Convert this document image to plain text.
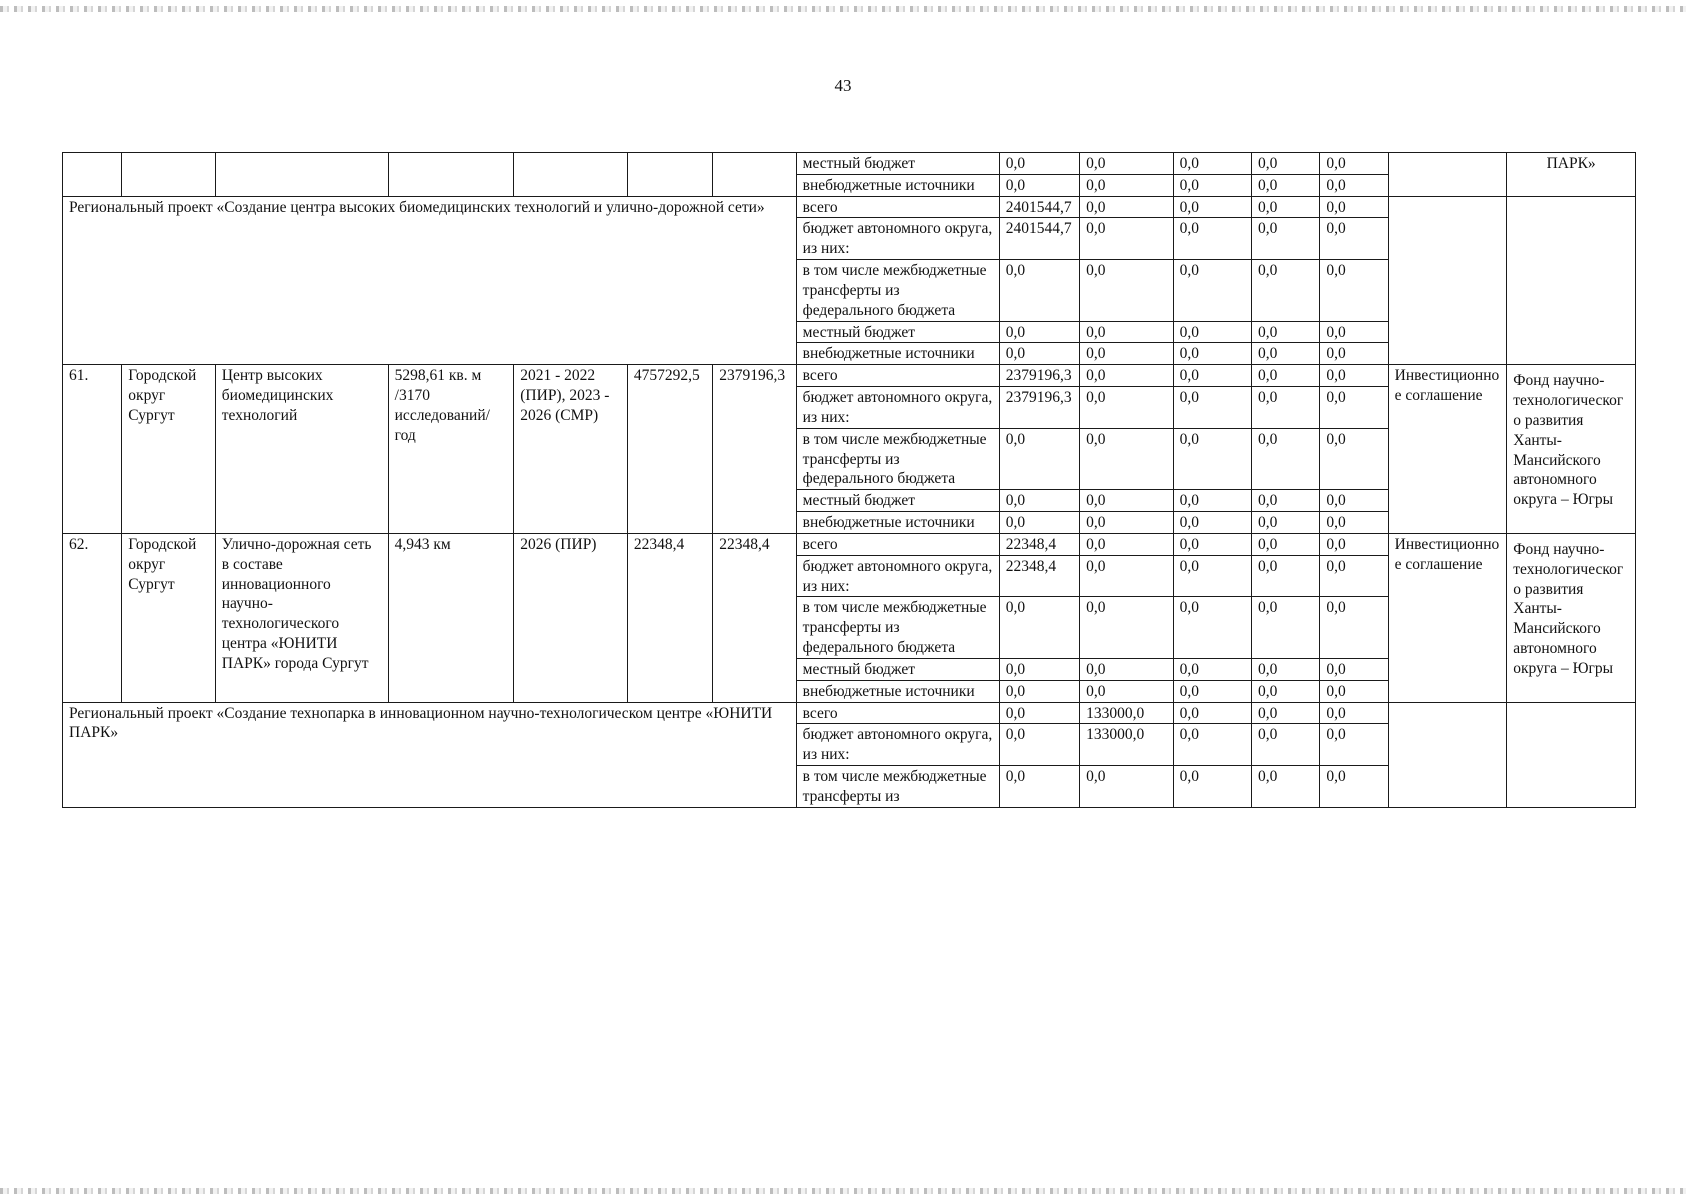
43
							местный бюджет	0,0	0,0	0,0	0,0	0,0		ПАРК»
							внебюджетные источники	0,0	0,0	0,0	0,0	0,0		
Региональный проект «Создание центра высоких биомедицинских технологий и улично-дорожной сети»							всего	2401544,7	0,0	0,0	0,0	0,0		
							бюджет автономного округа, из них:	2401544,7	0,0	0,0	0,0	0,0		
							в том числе межбюджетные трансферты из федерального бюджета	0,0	0,0	0,0	0,0	0,0		
							местный бюджет	0,0	0,0	0,0	0,0	0,0		
							внебюджетные источники	0,0	0,0	0,0	0,0	0,0		
61.	Городской округ Сургут	Центр высоких биомедицинских технологий	5298,61 кв. м /3170 исследований/год	2021 - 2022 (ПИР), 2023 - 2026 (СМР)	4757292,5	2379196,3	всего	2379196,3	0,0	0,0	0,0	0,0	Инвестиционное соглашение	Фонд научно-технологического развития Ханты-Мансийского автономного округа – Югры
							бюджет автономного округа, из них:	2379196,3	0,0	0,0	0,0	0,0		
							в том числе межбюджетные трансферты из федерального бюджета	0,0	0,0	0,0	0,0	0,0		
							местный бюджет	0,0	0,0	0,0	0,0	0,0		
							внебюджетные источники	0,0	0,0	0,0	0,0	0,0		
62.	Городской округ Сургут	Улично-дорожная сеть в составе инновационного научно-технологического центра «ЮНИТИ ПАРК» города Сургут	4,943 км	2026 (ПИР)	22348,4	22348,4	всего	22348,4	0,0	0,0	0,0	0,0	Инвестиционное соглашение	Фонд научно-технологического развития Ханты-Мансийского автономного округа – Югры
							бюджет автономного округа, из них:	22348,4	0,0	0,0	0,0	0,0		
							в том числе межбюджетные трансферты из федерального бюджета	0,0	0,0	0,0	0,0	0,0		
							местный бюджет	0,0	0,0	0,0	0,0	0,0		
							внебюджетные источники	0,0	0,0	0,0	0,0	0,0		
Региональный проект «Создание технопарка в инновационном научно-технологическом центре «ЮНИТИ ПАРК»							всего	0,0	133000,0	0,0	0,0	0,0		
							бюджет автономного округа, из них:	0,0	133000,0	0,0	0,0	0,0		
							в том числе межбюджетные трансферты из	0,0	0,0	0,0	0,0	0,0		
